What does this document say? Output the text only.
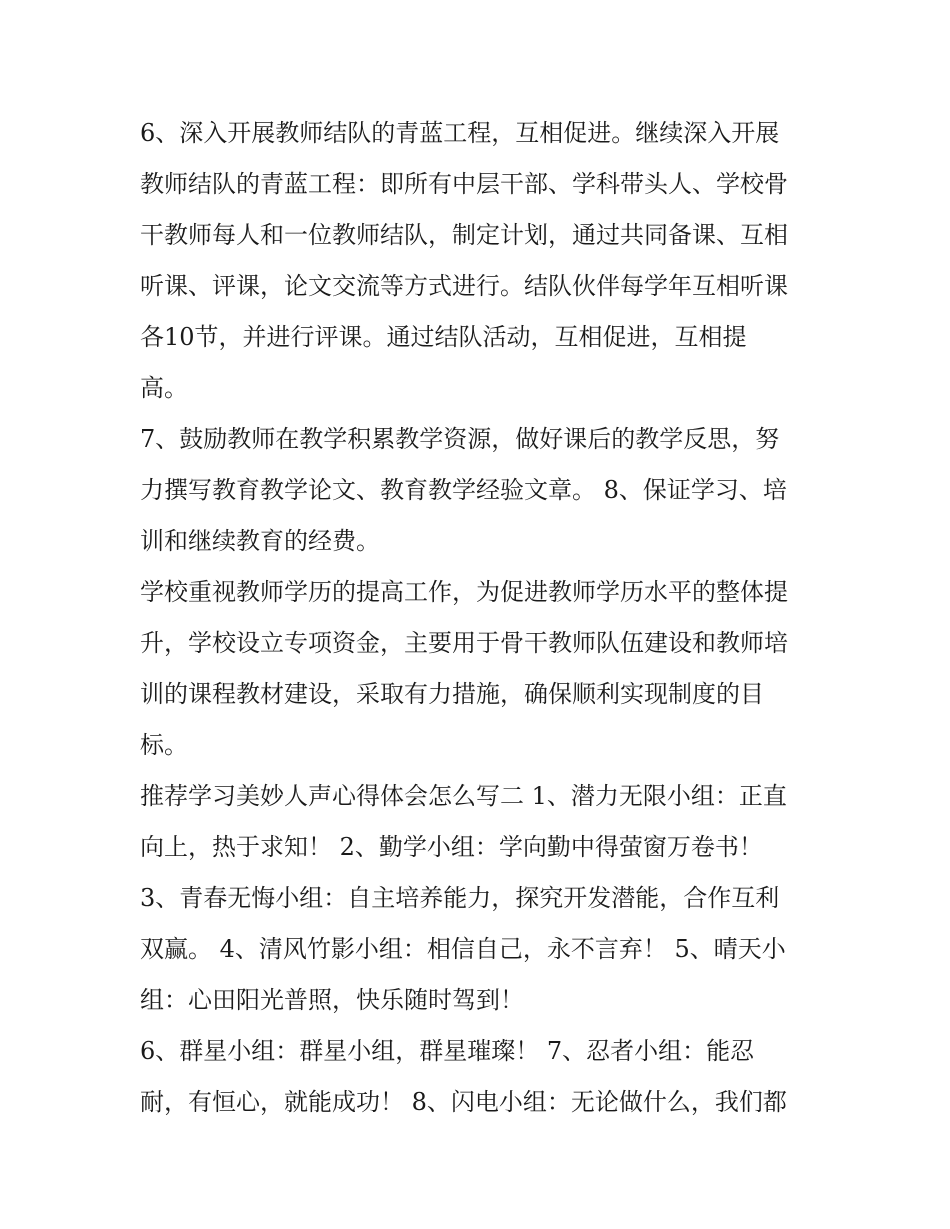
6、深入开展教师结队的青蓝工程，互相促进。继续深入开展
教师结队的青蓝工程：即所有中层干部、学科带头人、学校骨
干教师每人和一位教师结队，制定计划，通过共同备课、互相
听课、评课，论文交流等方式进行。结队伙伴每学年互相听课
各10节，并进行评课。通过结队活动，互相促进，互相提
高。
7、鼓励教师在教学积累教学资源，做好课后的教学反思，努
力撰写教育教学论文、教育教学经验文章。 8、保证学习、培
训和继续教育的经费。
学校重视教师学历的提高工作，为促进教师学历水平的整体提
升，学校设立专项资金，主要用于骨干教师队伍建设和教师培
训的课程教材建设，采取有力措施，确保顺利实现制度的目
标。
推荐学习美妙人声心得体会怎么写二 1、潜力无限小组：正直
向上，热于求知！ 2、勤学小组：学向勤中得萤窗万卷书！
3、青春无悔小组：自主培养能力，探究开发潜能，合作互利
双赢。 4、清风竹影小组：相信自己，永不言弃！ 5、晴天小
组：心田阳光普照，快乐随时驾到！
6、群星小组：群星小组，群星璀璨！ 7、忍者小组：能忍
耐，有恒心，就能成功！ 8、闪电小组：无论做什么，我们都
